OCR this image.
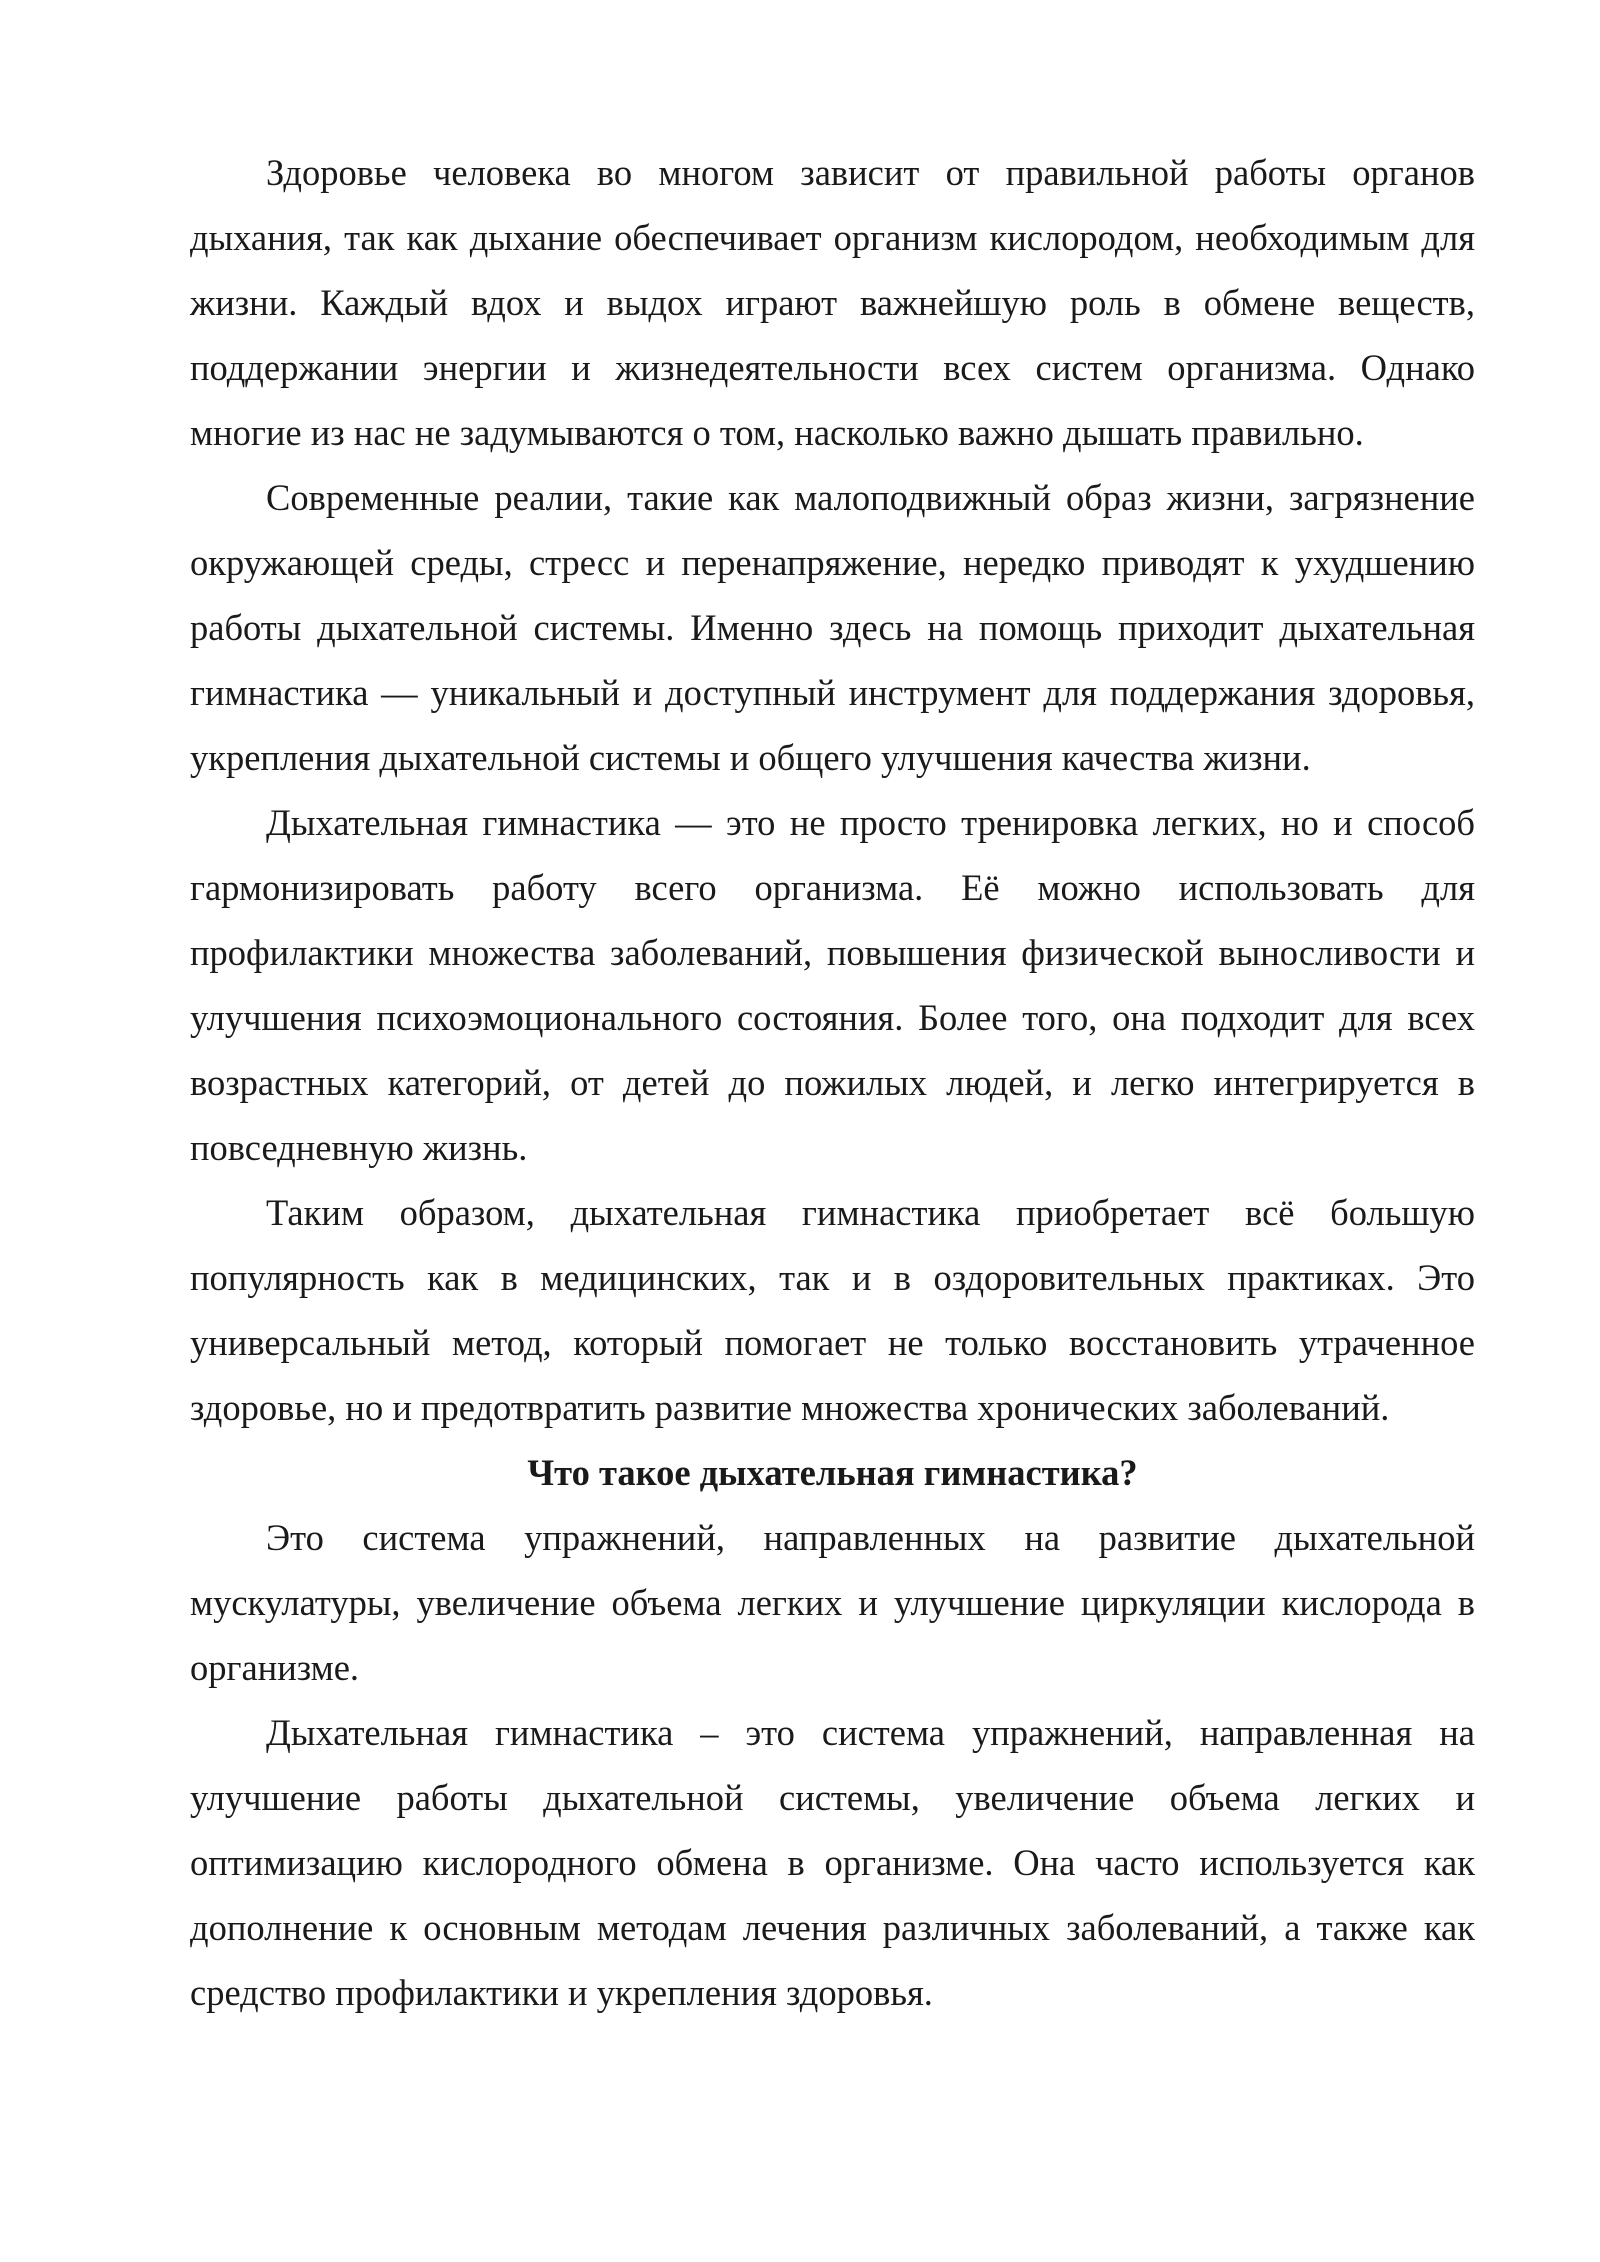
Здоровье человека во многом зависит от правильной работы органов дыхания, так как дыхание обеспечивает организм кислородом, необходимым для жизни. Каждый вдох и выдох играют важнейшую роль в обмене веществ, поддержании энергии и жизнедеятельности всех систем организма. Однако многие из нас не задумываются о том, насколько важно дышать правильно.

Современные реалии, такие как малоподвижный образ жизни, загрязнение окружающей среды, стресс и перенапряжение, нередко приводят к ухудшению работы дыхательной системы. Именно здесь на помощь приходит дыхательная гимнастика — уникальный и доступный инструмент для поддержания здоровья, укрепления дыхательной системы и общего улучшения качества жизни.

Дыхательная гимнастика — это не просто тренировка легких, но и способ гармонизировать работу всего организма. Её можно использовать для профилактики множества заболеваний, повышения физической выносливости и улучшения психоэмоционального состояния. Более того, она подходит для всех возрастных категорий, от детей до пожилых людей, и легко интегрируется в повседневную жизнь.

Таким образом, дыхательная гимнастика приобретает всё большую популярность как в медицинских, так и в оздоровительных практиках. Это универсальный метод, который помогает не только восстановить утраченное здоровье, но и предотвратить развитие множества хронических заболеваний.

Что такое дыхательная гимнастика?

Это система упражнений, направленных на развитие дыхательной мускулатуры, увеличение объема легких и улучшение циркуляции кислорода в организме.

Дыхательная гимнастика – это система упражнений, направленная на улучшение работы дыхательной системы, увеличение объема легких и оптимизацию кислородного обмена в организме. Она часто используется как дополнение к основным методам лечения различных заболеваний, а также как средство профилактики и укрепления здоровья.
